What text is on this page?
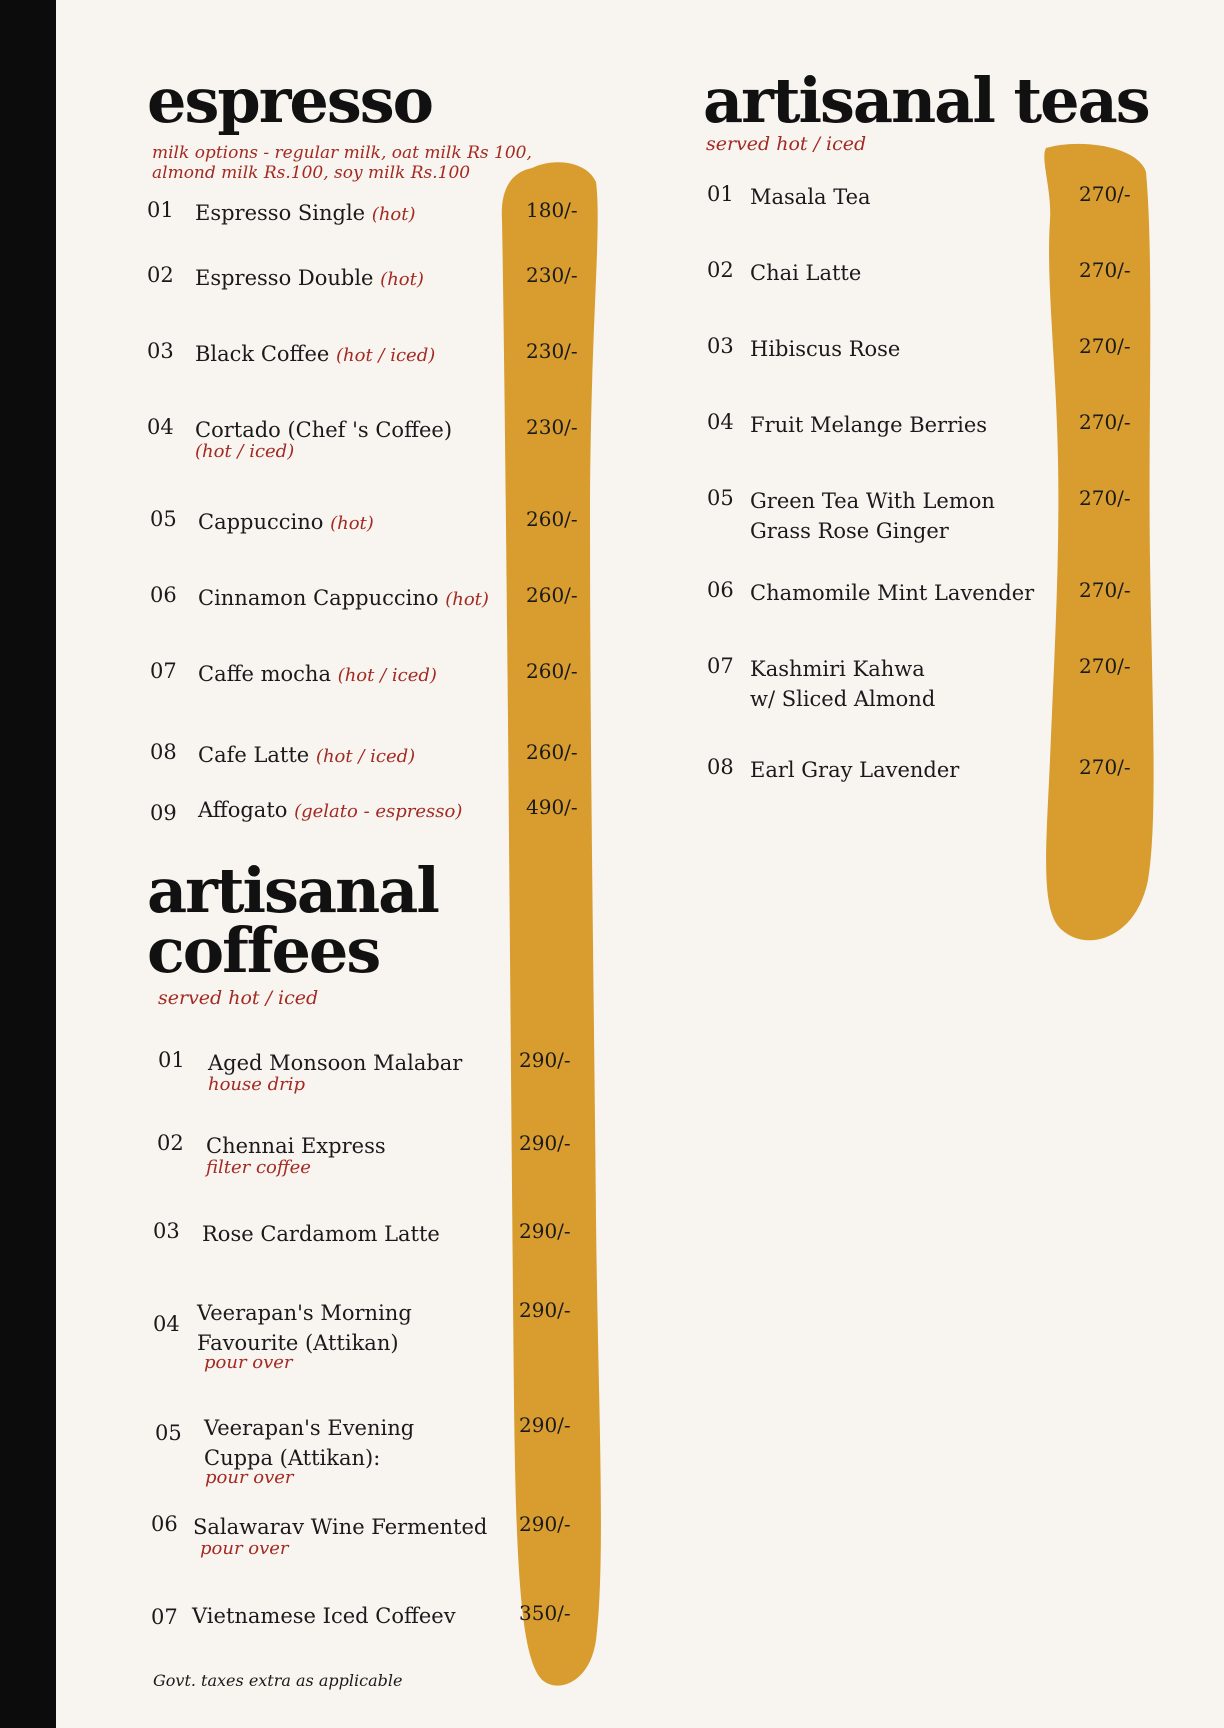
espresso

milk options - regular milk, oat milk Rs 100,

almond milk Rs.100, soy milk Rs.100

01 Espresso Single (hot)	180/-
02 Espresso Double (hot)	230/-
03 Black Coffee (hot / iced)	230/-
04 Cortado (Chef 's Coffee)
(hot / iced)
230/-
05 Cappuccino (hot)	260/-
06 Cinnamon Cappuccino (hot) 260/-
07 Caffe mocha (hot / iced)	260/-
08 Cafe Latte (hot / iced)	260/-
09 Affogato (gelato - espresso)	490/-
artisanal
coffees

served hot / iced

01 Aged Monsoon Malabar
house drip
290/-
02 Chennai Express
filter coffee
290/-
03 Rose Cardamom Latte	290/-
04 Veerapan's Morning
Favourite (Attikan)
pour over
290/-
05 Veerapan's Evening
Cuppa (Attikan):
pour over
290/-
06 Salawarav Wine Fermented
pour over
290/-
07 Vietnamese Iced Coffeev	350/-
artisanal teas

served hot / iced

01 Masala Tea	270/-
02 Chai Latte	270/-
03 Hibiscus Rose	270/-
04 Fruit Melange Berries	270/-
05 Green Tea With Lemon
Grass Rose Ginger
270/-
06 Chamomile Mint Lavender 270/-
07 Kashmiri Kahwa
w/ Sliced Almond
270/-
08 Earl Gray Lavender	270/-
Govt. taxes extra as applicable
